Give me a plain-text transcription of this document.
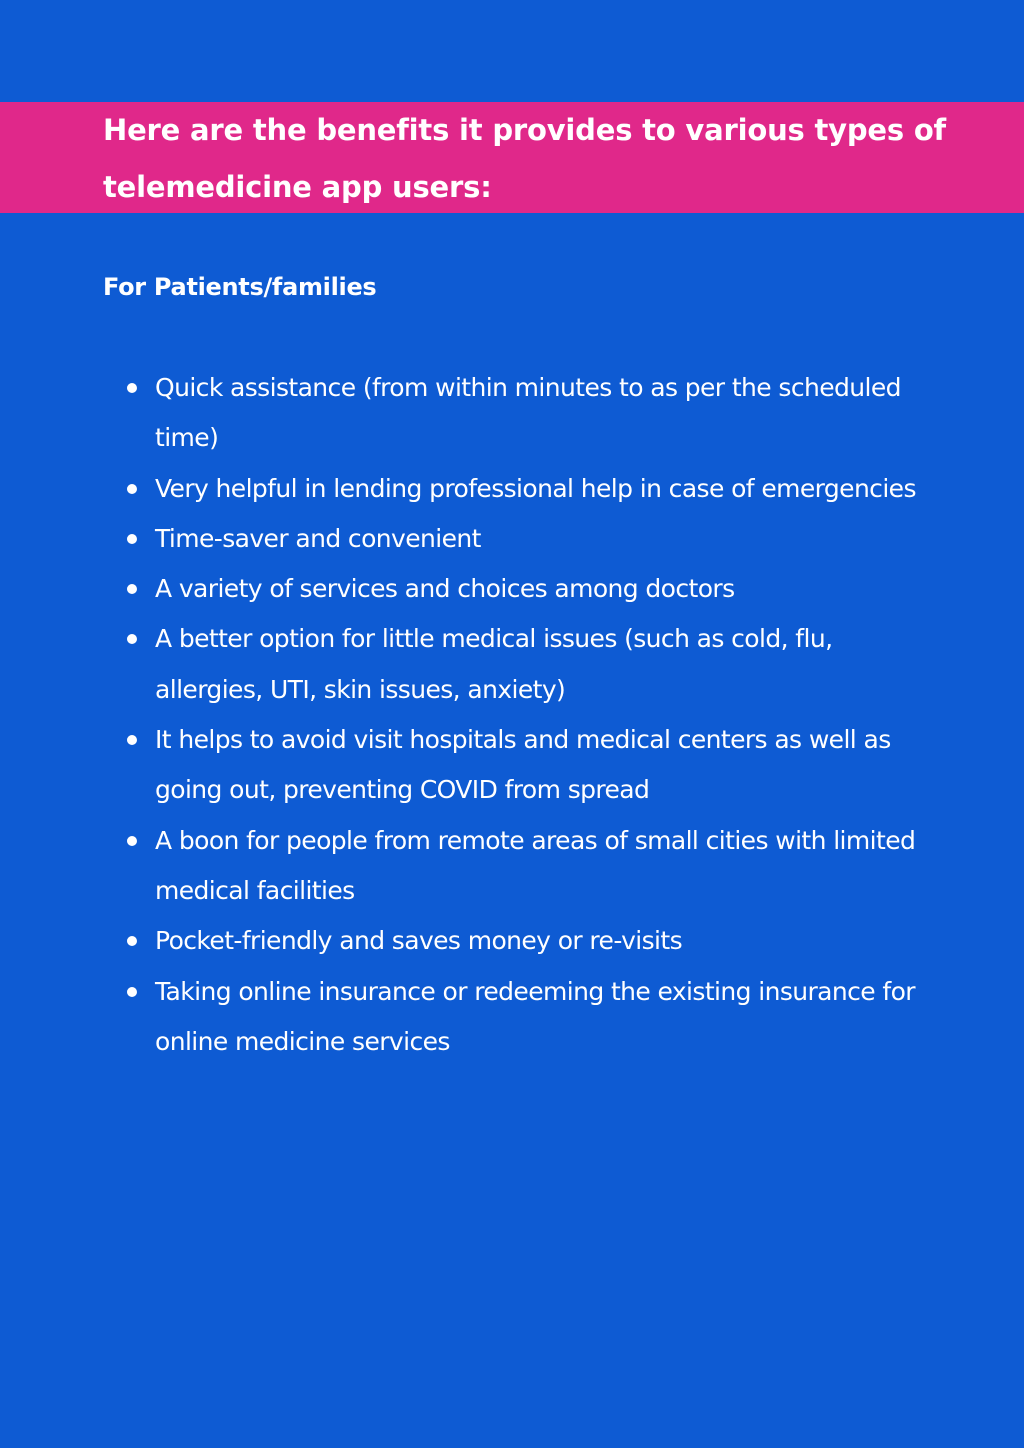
Here are the benefits it provides to various types of telemedicine app users:
For Patients/families
Quick assistance (from within minutes to as per the scheduled time)
Very helpful in lending professional help in case of emergencies
Time-saver and convenient
A variety of services and choices among doctors
A better option for little medical issues (such as cold, flu, allergies, UTI, skin issues, anxiety)
It helps to avoid visit hospitals and medical centers as well as going out, preventing COVID from spread
A boon for people from remote areas of small cities with limited medical facilities
Pocket-friendly and saves money or re-visits
Taking online insurance or redeeming the existing insurance for online medicine services
